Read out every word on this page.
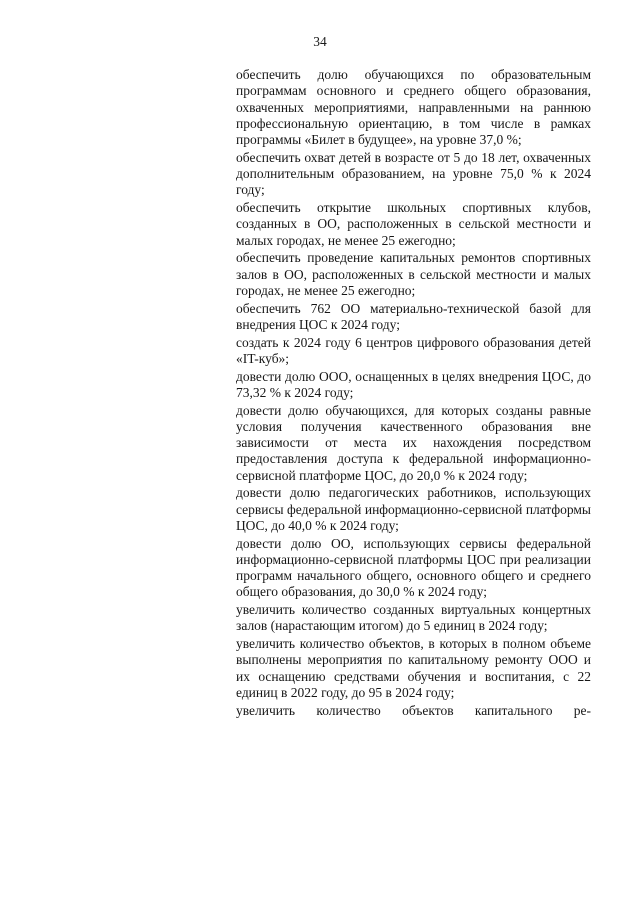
34

обеспечить долю обучающихся по образовательным программам основного и среднего общего образования, охваченных мероприятиями, направленными на раннюю профессиональную ориентацию, в том числе в рамках программы «Билет в будущее», на уровне 37,0 %;

обеспечить охват детей в возрасте от 5 до 18 лет, охваченных дополнительным образованием, на уровне 75,0 % к 2024 году;

обеспечить открытие школьных спортивных клубов, созданных в ОО, расположенных в сельской местности и малых городах, не менее 25 ежегодно;

обеспечить проведение капитальных ремонтов спортивных залов в ОО, расположенных в сельской местности и малых городах, не менее 25 ежегодно;

обеспечить 762 ОО материально-технической базой для внедрения ЦОС к 2024 году;

создать к 2024 году 6 центров цифрового образования детей «IT-куб»;

довести долю ООО, оснащенных в целях внедрения ЦОС, до 73,32 % к 2024 году;

довести долю обучающихся, для которых созданы равные условия получения качественного образования вне зависимости от места их нахождения посредством предоставления доступа к федеральной информационно-сервисной платформе ЦОС, до 20,0 % к 2024 году;

довести долю педагогических работников, использующих сервисы федеральной информационно-сервисной платформы ЦОС, до 40,0 % к 2024 году;

довести долю ОО, использующих сервисы федеральной информационно-сервисной платформы ЦОС при реализации программ начального общего, основного общего и среднего общего образования, до 30,0 % к 2024 году;

увеличить количество созданных виртуальных концертных залов (нарастающим итогом) до 5 единиц в 2024 году;

увеличить количество объектов, в которых в полном объеме выполнены мероприятия по капитальному ремонту ООО и их оснащению средствами обучения и воспитания, с 22 единиц в 2022 году, до 95 в 2024 году;

увеличить количество объектов капитального ре-
